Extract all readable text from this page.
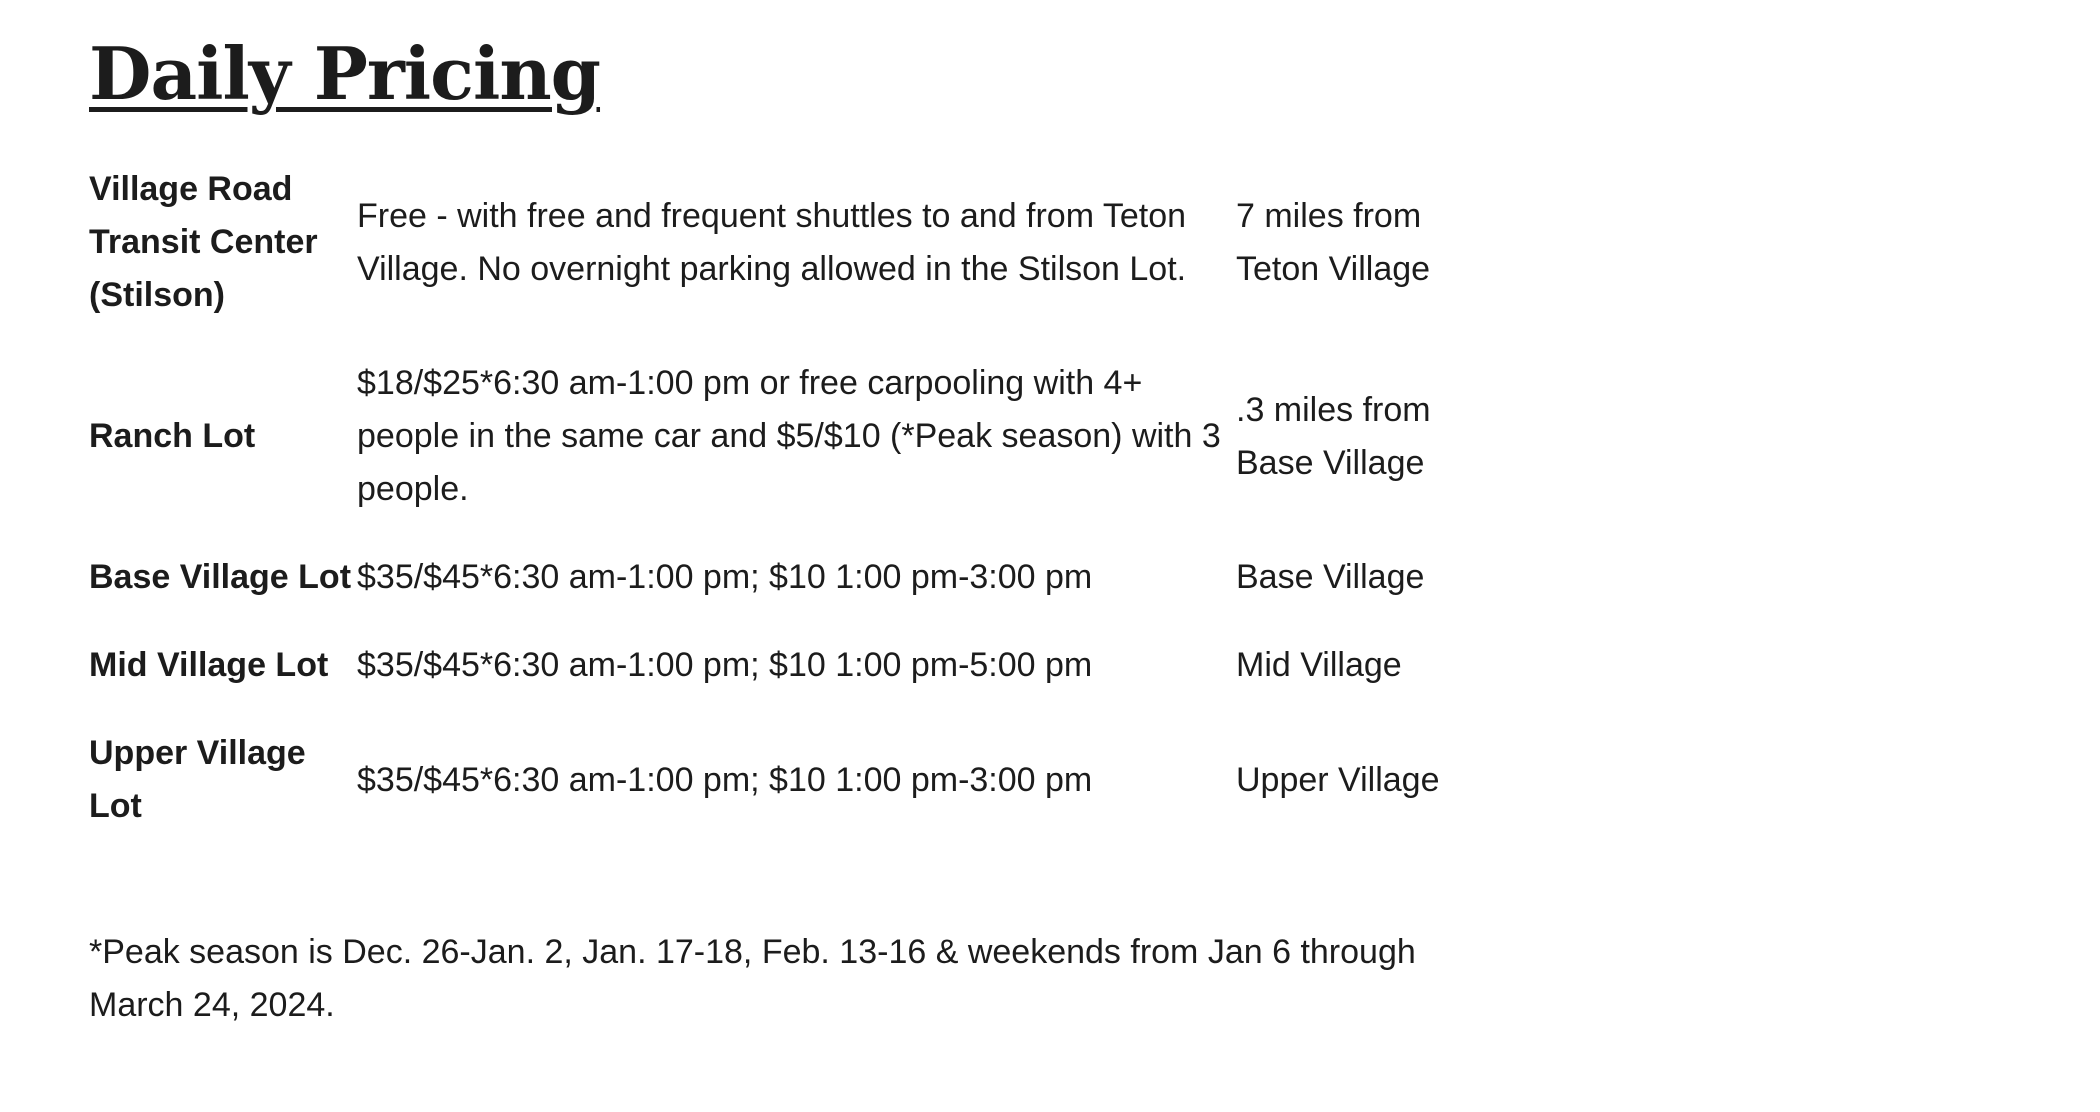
Daily Pricing
Village Road Transit Center (Stilson)	Free - with free and frequent shuttles to and from Teton Village. No overnight parking allowed in the Stilson Lot.	7 miles from Teton Village
Ranch Lot	$18/$25*6:30 am-1:00 pm or free carpooling with 4+ people in the same car and $5/$10 (*Peak season) with 3 people.	.3 miles from Base Village
Base Village Lot	$35/$45*6:30 am-1:00 pm; $10 1:00 pm-3:00 pm	Base Village
Mid Village Lot	$35/$45*6:30 am-1:00 pm; $10 1:00 pm-5:00 pm	Mid Village
Upper Village Lot	$35/$45*6:30 am-1:00 pm; $10 1:00 pm-3:00 pm	Upper Village

*Peak season is Dec. 26-Jan. 2, Jan. 17-18, Feb. 13-16 & weekends from Jan 6 through March 24, 2024.
